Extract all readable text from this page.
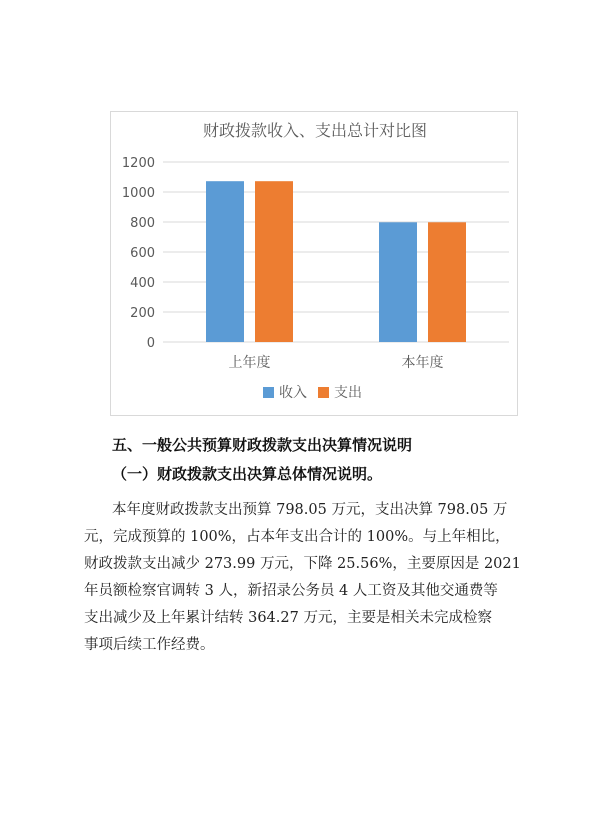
财政拨款收入、支出总计对比图
0
200
400
600
800
1000
1200
上年度	本年度
收入 支出
五、一般公共预算财政拨款支出决算情况说明
（一）财政拨款支出决算总体情况说明。
本年度财政拨款支出预算 798.05 万元，支出决算 798.05 万
元，完成预算的 100%，占本年支出合计的 100%。与上年相比，
财政拨款支出减少 273.99 万元，下降 25.56%，主要原因是 2021
年员额检察官调转 3 人，新招录公务员 4 人工资及其他交通费等
支出减少及上年累计结转 364.27 万元，主要是相关未完成检察
事项后续工作经费。
